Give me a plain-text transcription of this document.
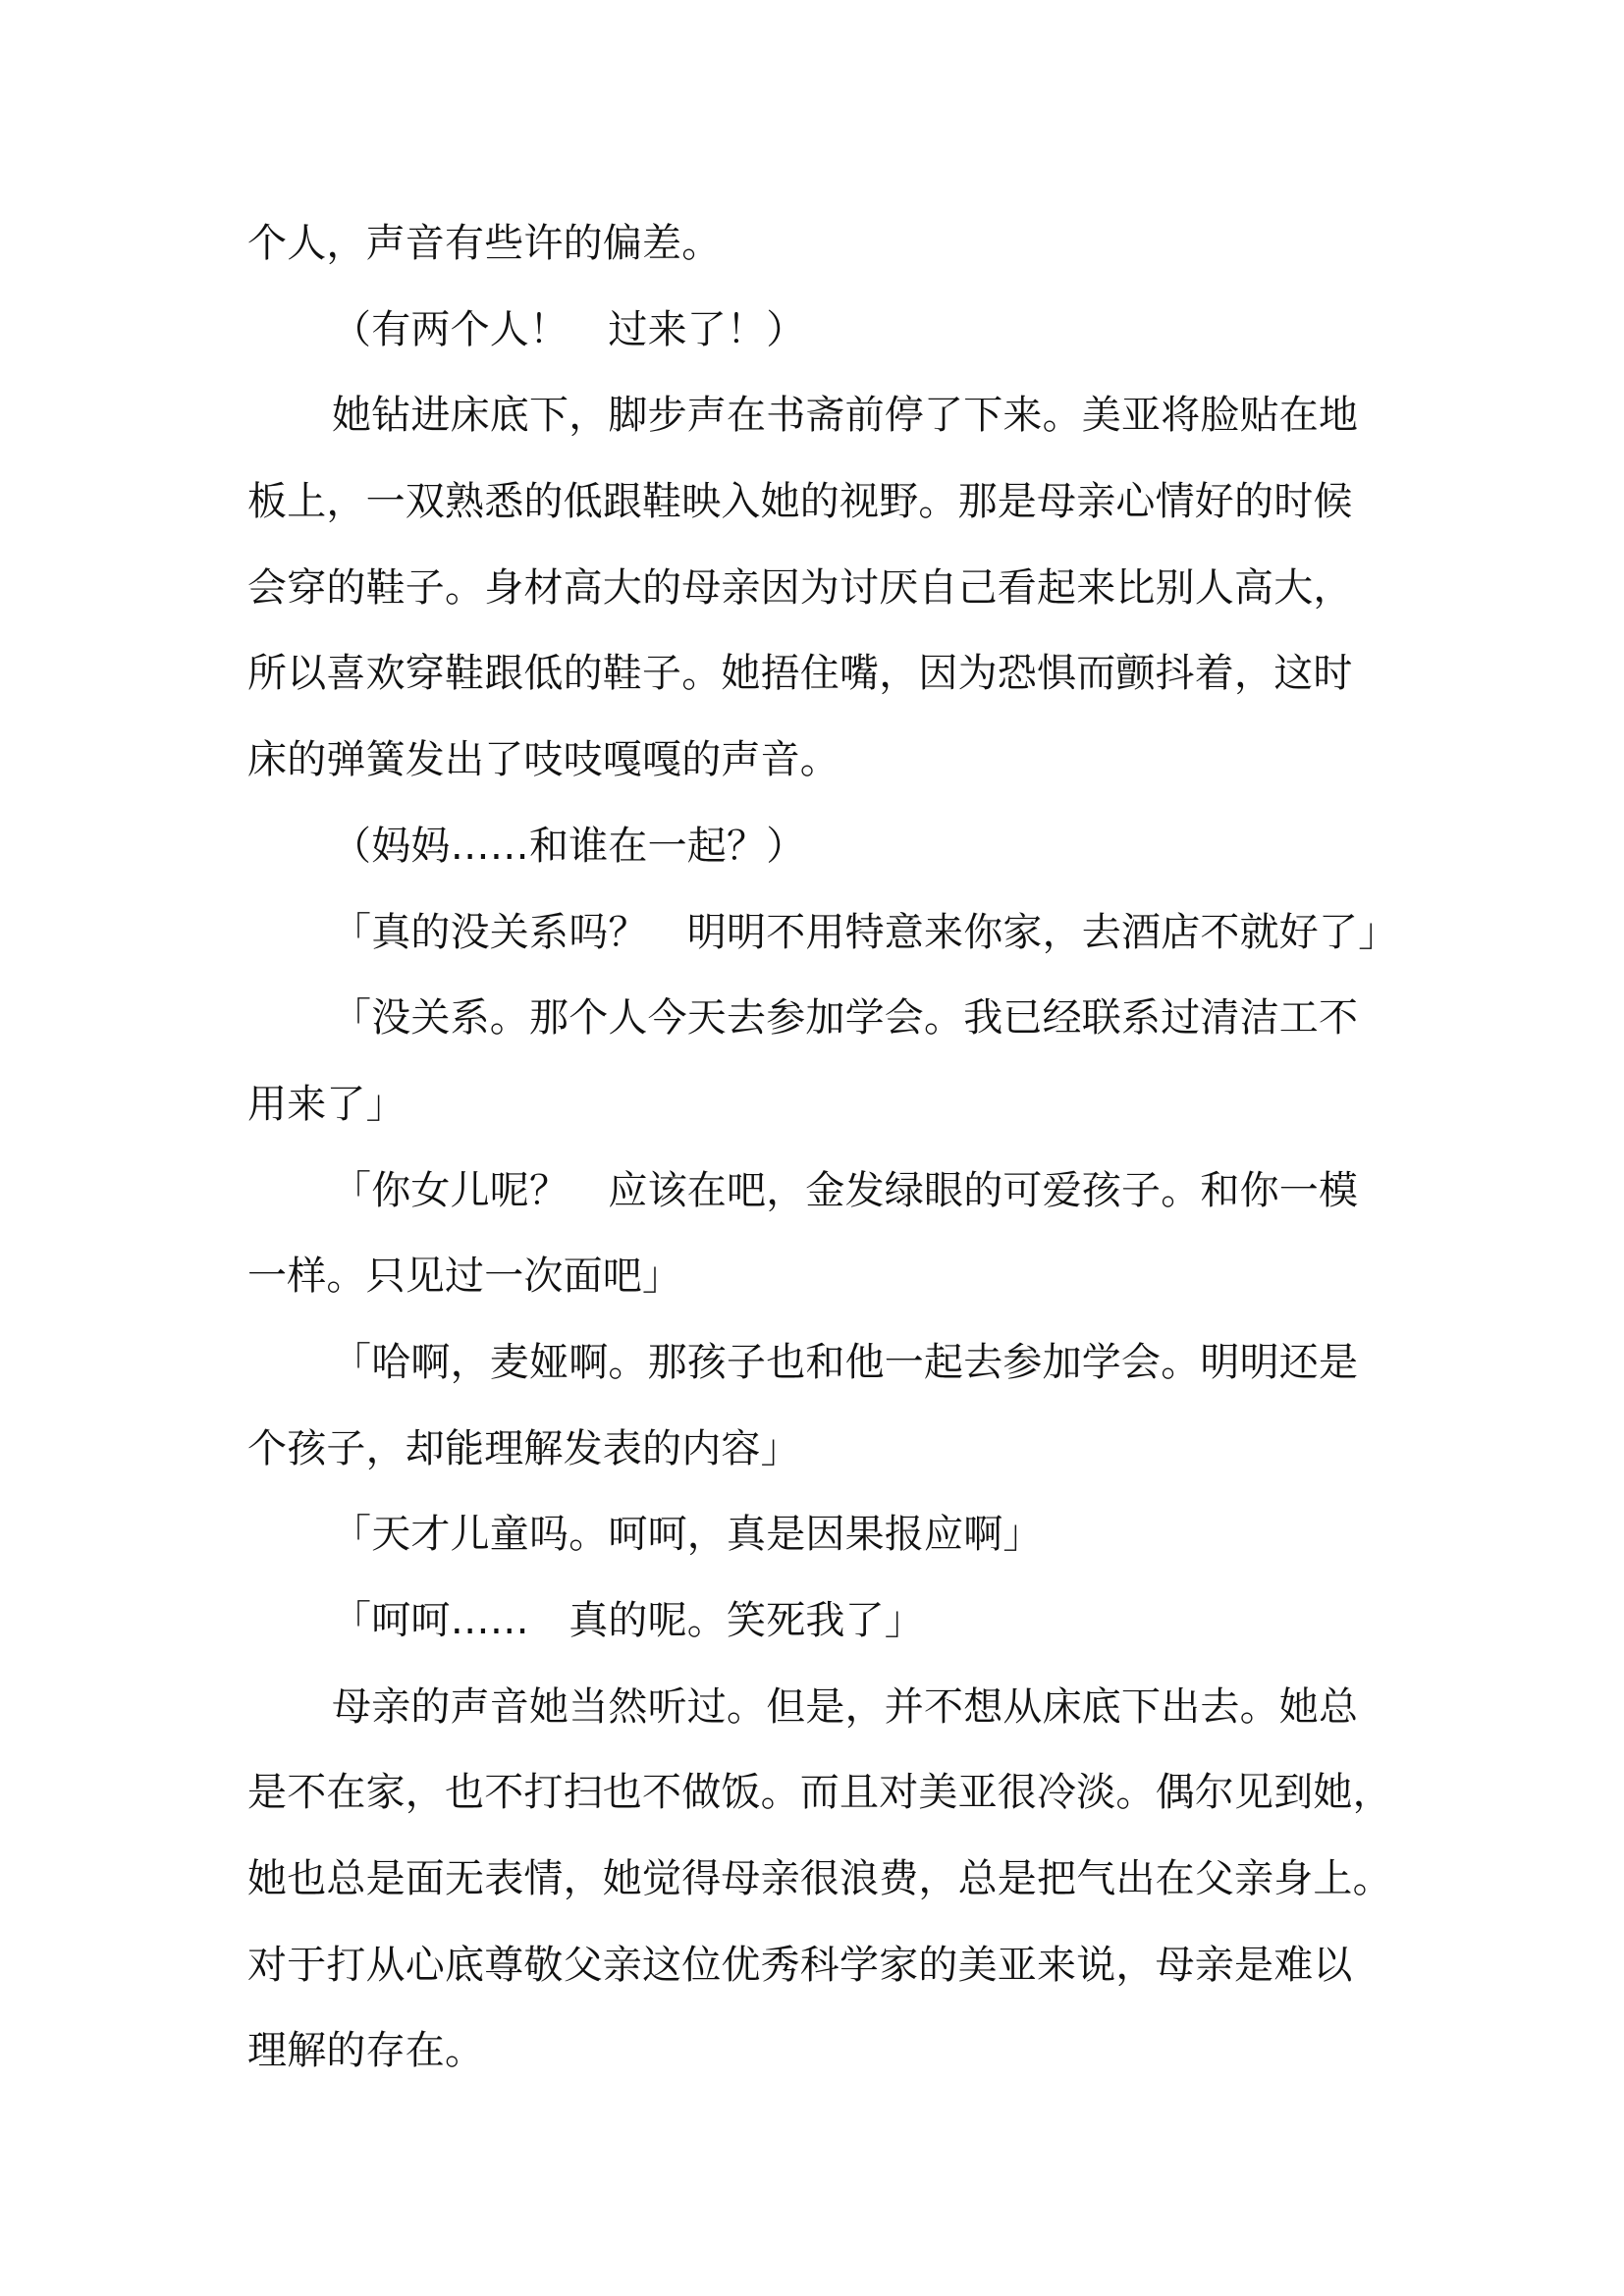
个人，声音有些许的偏差。
（有两个人！　过来了！）
她钻进床底下，脚步声在书斋前停了下来。美亚将脸贴在地
板上，一双熟悉的低跟鞋映入她的视野。那是母亲心情好的时候
会穿的鞋子。身材高大的母亲因为讨厌自己看起来比别人高大，
所以喜欢穿鞋跟低的鞋子。她捂住嘴，因为恐惧而颤抖着，这时
床的弹簧发出了吱吱嘎嘎的声音。
（妈妈……和谁在一起？）
「真的没关系吗？　明明不用特意来你家，去酒店不就好了」
「没关系。那个人今天去参加学会。我已经联系过清洁工不
用来了」
「你女儿呢？　应该在吧，金发绿眼的可爱孩子。和你一模
一样。只见过一次面吧」
「哈啊，麦娅啊。那孩子也和他一起去参加学会。明明还是
个孩子，却能理解发表的内容」
「天才儿童吗。呵呵，真是因果报应啊」
「呵呵……　真的呢。笑死我了」
母亲的声音她当然听过。但是，并不想从床底下出去。她总
是不在家，也不打扫也不做饭。而且对美亚很冷淡。偶尔见到她，
她也总是面无表情，她觉得母亲很浪费，总是把气出在父亲身上。
对于打从心底尊敬父亲这位优秀科学家的美亚来说，母亲是难以
理解的存在。
